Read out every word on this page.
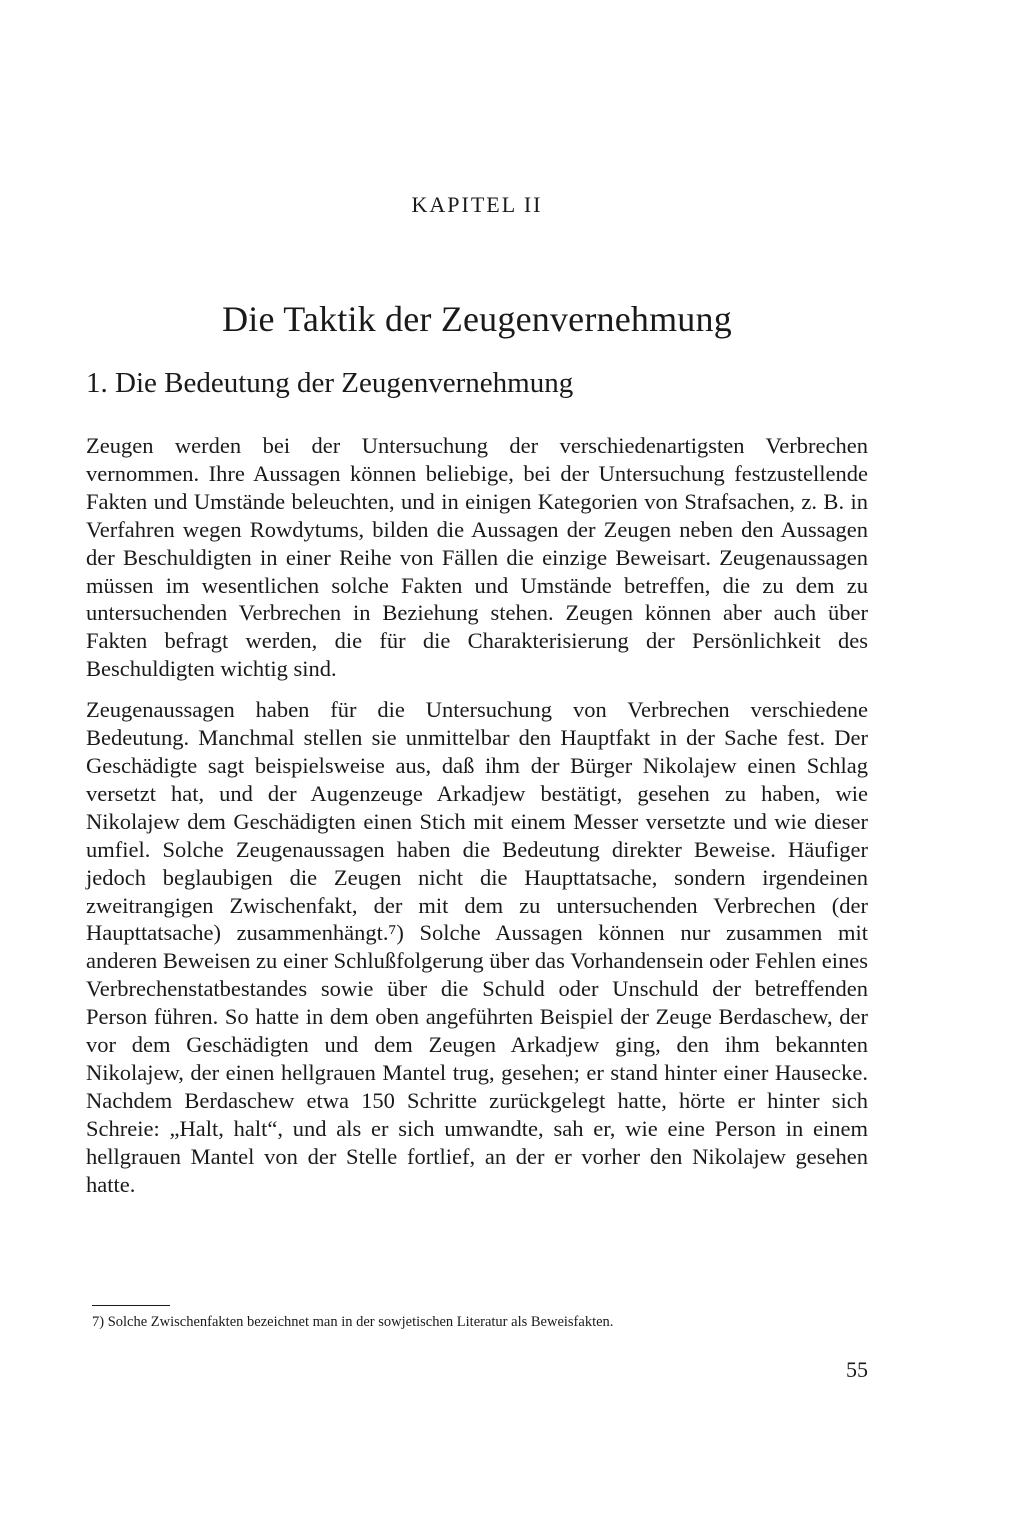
KAPITEL II
Die Taktik der Zeugenvernehmung
1. Die Bedeutung der Zeugenvernehmung

Zeugen werden bei der Untersuchung der verschiedenartigsten Verbrechen vernommen. Ihre Aussagen können beliebige, bei der Untersuchung festzustellende Fakten und Umstände beleuchten, und in einigen Kategorien von Strafsachen, z. B. in Verfahren wegen Rowdytums, bilden die Aussagen der Zeugen neben den Aussagen der Beschuldigten in einer Reihe von Fällen die einzige Beweisart. Zeugenaussagen müssen im wesentlichen solche Fakten und Umstände betreffen, die zu dem zu untersuchenden Verbrechen in Beziehung stehen. Zeugen können aber auch über Fakten befragt werden, die für die Charakterisierung der Persönlichkeit des Beschuldigten wichtig sind.

Zeugenaussagen haben für die Untersuchung von Verbrechen verschiedene Bedeutung. Manchmal stellen sie unmittelbar den Hauptfakt in der Sache fest. Der Geschädigte sagt beispielsweise aus, daß ihm der Bürger Nikolajew einen Schlag versetzt hat, und der Augenzeuge Arkadjew bestätigt, gesehen zu haben, wie Nikolajew dem Geschädigten einen Stich mit einem Messer versetzte und wie dieser umfiel. Solche Zeugenaussagen haben die Bedeutung direkter Beweise. Häufiger jedoch beglaubigen die Zeugen nicht die Haupttatsache, sondern irgendeinen zweitrangigen Zwischenfakt, der mit dem zu untersuchenden Verbrechen (der Haupttatsache) zusammenhängt.⁷) Solche Aussagen können nur zusammen mit anderen Beweisen zu einer Schlußfolgerung über das Vorhandensein oder Fehlen eines Verbrechenstatbestandes sowie über die Schuld oder Unschuld der betreffenden Person führen. So hatte in dem oben angeführten Beispiel der Zeuge Berdaschew, der vor dem Geschädigten und dem Zeugen Arkadjew ging, den ihm bekannten Nikolajew, der einen hellgrauen Mantel trug, gesehen; er stand hinter einer Hausecke. Nachdem Berdaschew etwa 150 Schritte zurückgelegt hatte, hörte er hinter sich Schreie: „Halt, halt“, und als er sich umwandte, sah er, wie eine Person in einem hellgrauen Mantel von der Stelle fortlief, an der er vorher den Nikolajew gesehen hatte.

7) Solche Zwischenfakten bezeichnet man in der sowjetischen Literatur als Beweisfakten.
55
